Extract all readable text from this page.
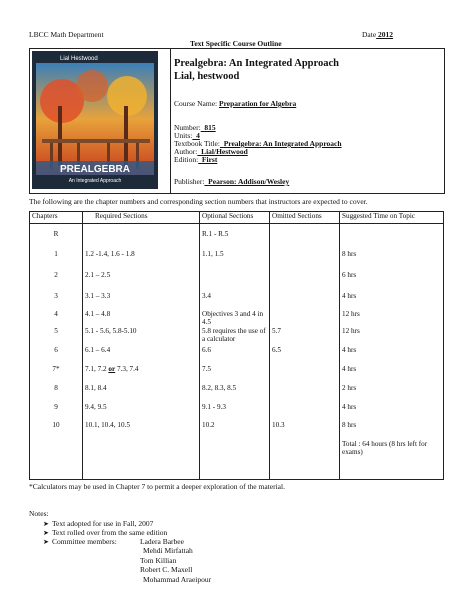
LBCC Math Department	Date 2012
Text Specific Course Outline
Lial Hestwood
PREALGEBRA
An Integrated Approach
Prealgebra: An Integrated Approach
Lial, hestwood
Course Name: Preparation for Algebra
Number: 815
Units: 4
Textbook Title: Prealgebra: An Integrated Approach
Author: Lial/Hestwood
Edition: First
Publisher: Pearson: Addison/Wesley
The following are the chapter numbers and corresponding section numbers that instructors are expected to cover.
Chapters	Required Sections	Optional Sections	Omitted Sections	Suggested Time on Topic
R		R.1 - R.5		
1	1.2 -1.4, 1.6 - 1.8	1.1, 1.5		8 hrs
2	2.1 – 2.5			6 hrs
3	3.1 – 3.3	3.4		4 hrs
4	4.1 – 4.8	Objectives 3 and 4 in 4.5		12 hrs
5	5.1 - 5.6, 5.8-5.10	5.8 requires the use of a calculator	5.7	12 hrs
6	6.1 – 6.4	6.6	6.5	4 hrs
7*	7.1, 7.2 or 7.3, 7.4	7.5		4 hrs
8	8.1, 8.4	8.2, 8.3, 8.5		2 hrs
9	9.4, 9.5	9.1 - 9.3		4 hrs
10	10.1, 10.4, 10.5	10.2	10.3	8 hrs
				Total : 64 hours (8 hrs left for exams)
*Calculators may be used in Chapter 7 to permit a deeper exploration of the material.
Notes:
➤ Text adopted for use in Fall, 2007
➤ Text rolled over from the same edition
➤ Committee members:	Ladera Barbee
Mehdi Mirfattah
Tom Killian
Robert C. Maxell
Mohammad Araeipour
